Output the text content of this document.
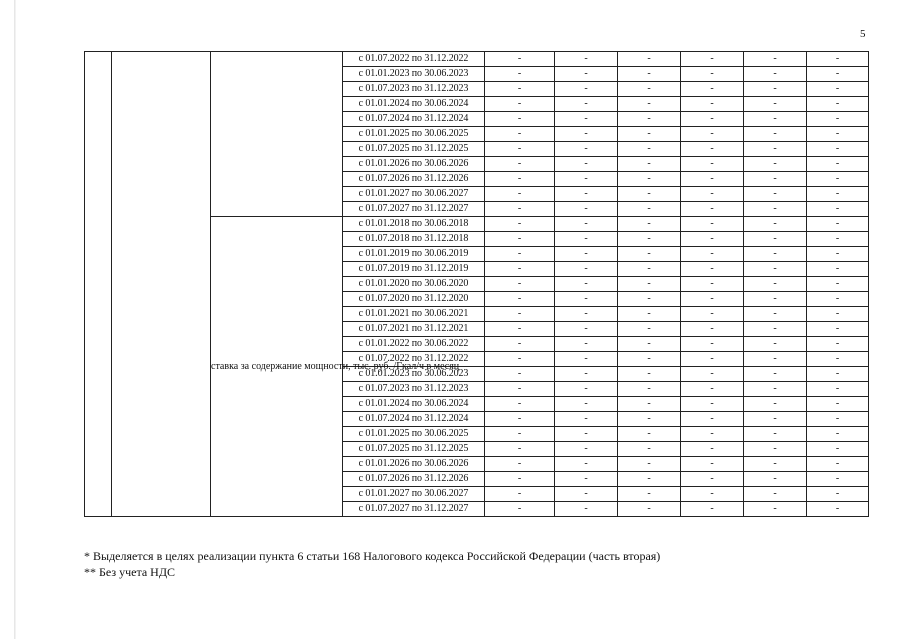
5
			с 01.07.2022 по 31.12.2022	-	-	-	-	-	-
			с 01.01.2023 по 30.06.2023	-	-	-	-	-	-
			с 01.07.2023 по 31.12.2023	-	-	-	-	-	-
			с 01.01.2024 по 30.06.2024	-	-	-	-	-	-
			с 01.07.2024 по 31.12.2024	-	-	-	-	-	-
			с 01.01.2025 по 30.06.2025	-	-	-	-	-	-
			с 01.07.2025 по 31.12.2025	-	-	-	-	-	-
			с 01.01.2026 по 30.06.2026	-	-	-	-	-	-
			с 01.07.2026 по 31.12.2026	-	-	-	-	-	-
			с 01.01.2027 по 30.06.2027	-	-	-	-	-	-
			с 01.07.2027 по 31.12.2027	-	-	-	-	-	-
		ставка за содержание мощности, тыс. руб. /Гкал/ч в месяц	с 01.01.2018 по 30.06.2018	-	-	-	-	-	-
			с 01.07.2018 по 31.12.2018	-	-	-	-	-	-
			с 01.01.2019 по 30.06.2019	-	-	-	-	-	-
			с 01.07.2019 по 31.12.2019	-	-	-	-	-	-
			с 01.01.2020 по 30.06.2020	-	-	-	-	-	-
			с 01.07.2020 по 31.12.2020	-	-	-	-	-	-
			с 01.01.2021 по 30.06.2021	-	-	-	-	-	-
			с 01.07.2021 по 31.12.2021	-	-	-	-	-	-
			с 01.01.2022 по 30.06.2022	-	-	-	-	-	-
			с 01.07.2022 по 31.12.2022	-	-	-	-	-	-
			с 01.01.2023 по 30.06.2023	-	-	-	-	-	-
			с 01.07.2023 по 31.12.2023	-	-	-	-	-	-
			с 01.01.2024 по 30.06.2024	-	-	-	-	-	-
			с 01.07.2024 по 31.12.2024	-	-	-	-	-	-
			с 01.01.2025 по 30.06.2025	-	-	-	-	-	-
			с 01.07.2025 по 31.12.2025	-	-	-	-	-	-
			с 01.01.2026 по 30.06.2026	-	-	-	-	-	-
			с 01.07.2026 по 31.12.2026	-	-	-	-	-	-
			с 01.01.2027 по 30.06.2027	-	-	-	-	-	-
			с 01.07.2027 по 31.12.2027	-	-	-	-	-	-
* Выделяется в целях реализации пункта 6 статьи 168 Налогового кодекса Российской Федерации (часть вторая)
** Без учета НДС
